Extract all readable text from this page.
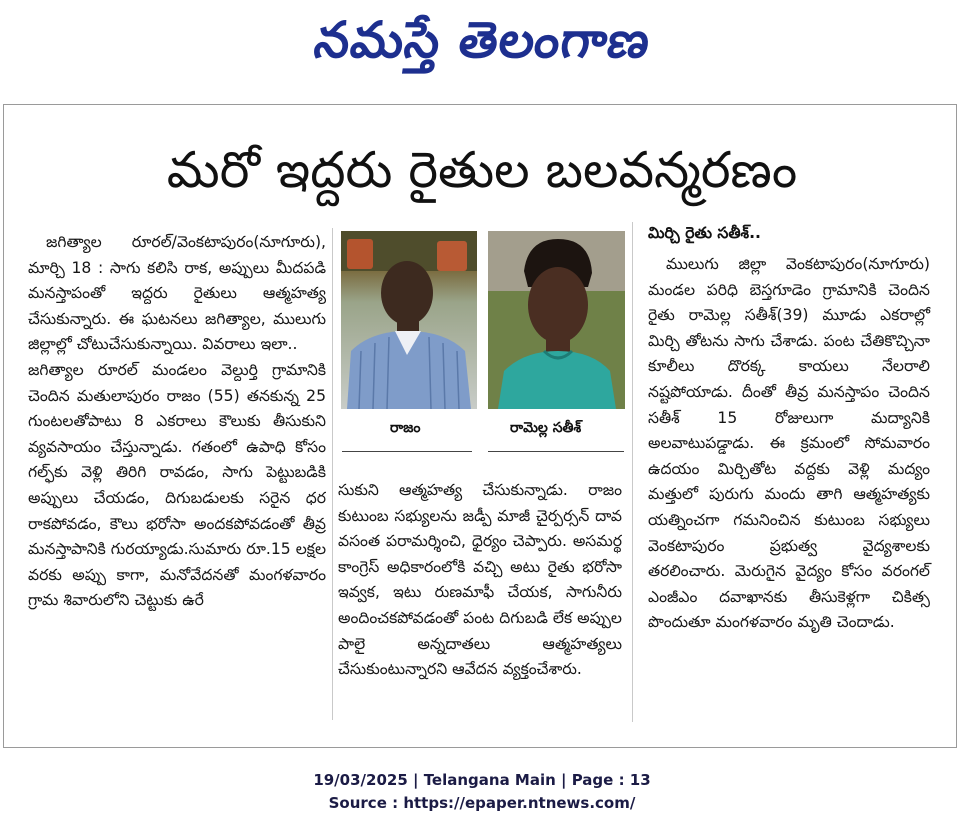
నమస్తే తెలంగాణ
మరో ఇద్దరు రైతుల బలవన్మరణం

జగిత్యాల రూరల్/వెంకటాపురం(నూగూరు), మార్చి 18 : సాగు కలిసి రాక, అప్పులు మీదపడి మనస్తాపంతో ఇద్దరు రైతులు ఆత్మహత్య చేసుకున్నారు. ఈ ఘటనలు జగిత్యాల, ములుగు జిల్లాల్లో చోటుచేసుకున్నాయి. వివరాలు ఇలా..

జగిత్యాల రూరల్ మండలం వెల్దుర్తి గ్రామానికి చెందిన మతులాపురం రాజం (55) తనకున్న 25 గుంటలతోపాటు 8 ఎకరాలు కౌలుకు తీసుకుని వ్యవసాయం చేస్తున్నాడు. గతంలో ఉపాధి కోసం గల్ఫ్‌కు వెళ్లి తిరిగి రావడం, సాగు పెట్టుబడికి అప్పులు చేయడం, దిగుబడులకు సరైన ధర రాకపోవడం, కౌలు భరోసా అందకపోవడంతో తీవ్ర మనస్తాపానికి గురయ్యాడు.సుమారు రూ.15 లక్షల వరకు అప్పు కాగా, మనోవేదనతో మంగళవారం గ్రామ శివారులోని చెట్టుకు ఉరే

రాజం	రామెల్ల సతీశ్

సుకుని ఆత్మహత్య చేసుకున్నాడు. రాజం కుటుంబ సభ్యులను జడ్పీ మాజీ చైర్పర్సన్ దావ వసంత పరామర్శించి, ధైర్యం చెప్పారు. అసమర్థ కాంగ్రెస్ అధికారంలోకి వచ్చి అటు రైతు భరోసా ఇవ్వక, ఇటు రుణమాఫీ చేయక, సాగునీరు అందించకపోవడంతో పంట దిగుబడి లేక అప్పుల పాలై అన్నదాతలు ఆత్మహత్యలు చేసుకుంటున్నారని ఆవేదన వ్యక్తంచేశారు.

మిర్చి రైతు సతీశ్..

ములుగు జిల్లా వెంకటాపురం(నూగూరు) మండల పరిధి బెస్తగూడెం గ్రామానికి చెందిన రైతు రామెల్ల సతీశ్(39) మూడు ఎకరాల్లో మిర్చి తోటను సాగు చేశాడు. పంట చేతికొచ్చినా కూలీలు దొరక్క కాయలు నేలరాలి నష్టపోయాడు. దీంతో తీవ్ర మనస్తాపం చెందిన సతీశ్ 15 రోజులుగా మద్యానికి అలవాటుపడ్డాడు. ఈ క్రమంలో సోమవారం ఉదయం మిర్చితోట వద్దకు వెళ్లి మద్యం మత్తులో పురుగు మందు తాగి ఆత్మహత్యకు యత్నించగా గమనించిన కుటుంబ సభ్యులు వెంకటాపురం ప్రభుత్వ వైద్యశాలకు తరలించారు. మెరుగైన వైద్యం కోసం వరంగల్ ఎంజీఎం దవాఖానకు తీసుకెళ్లగా చికిత్స పొందుతూ మంగళవారం మృతి చెందాడు.

19/03/2025 | Telangana Main | Page : 13
Source : https://epaper.ntnews.com/
